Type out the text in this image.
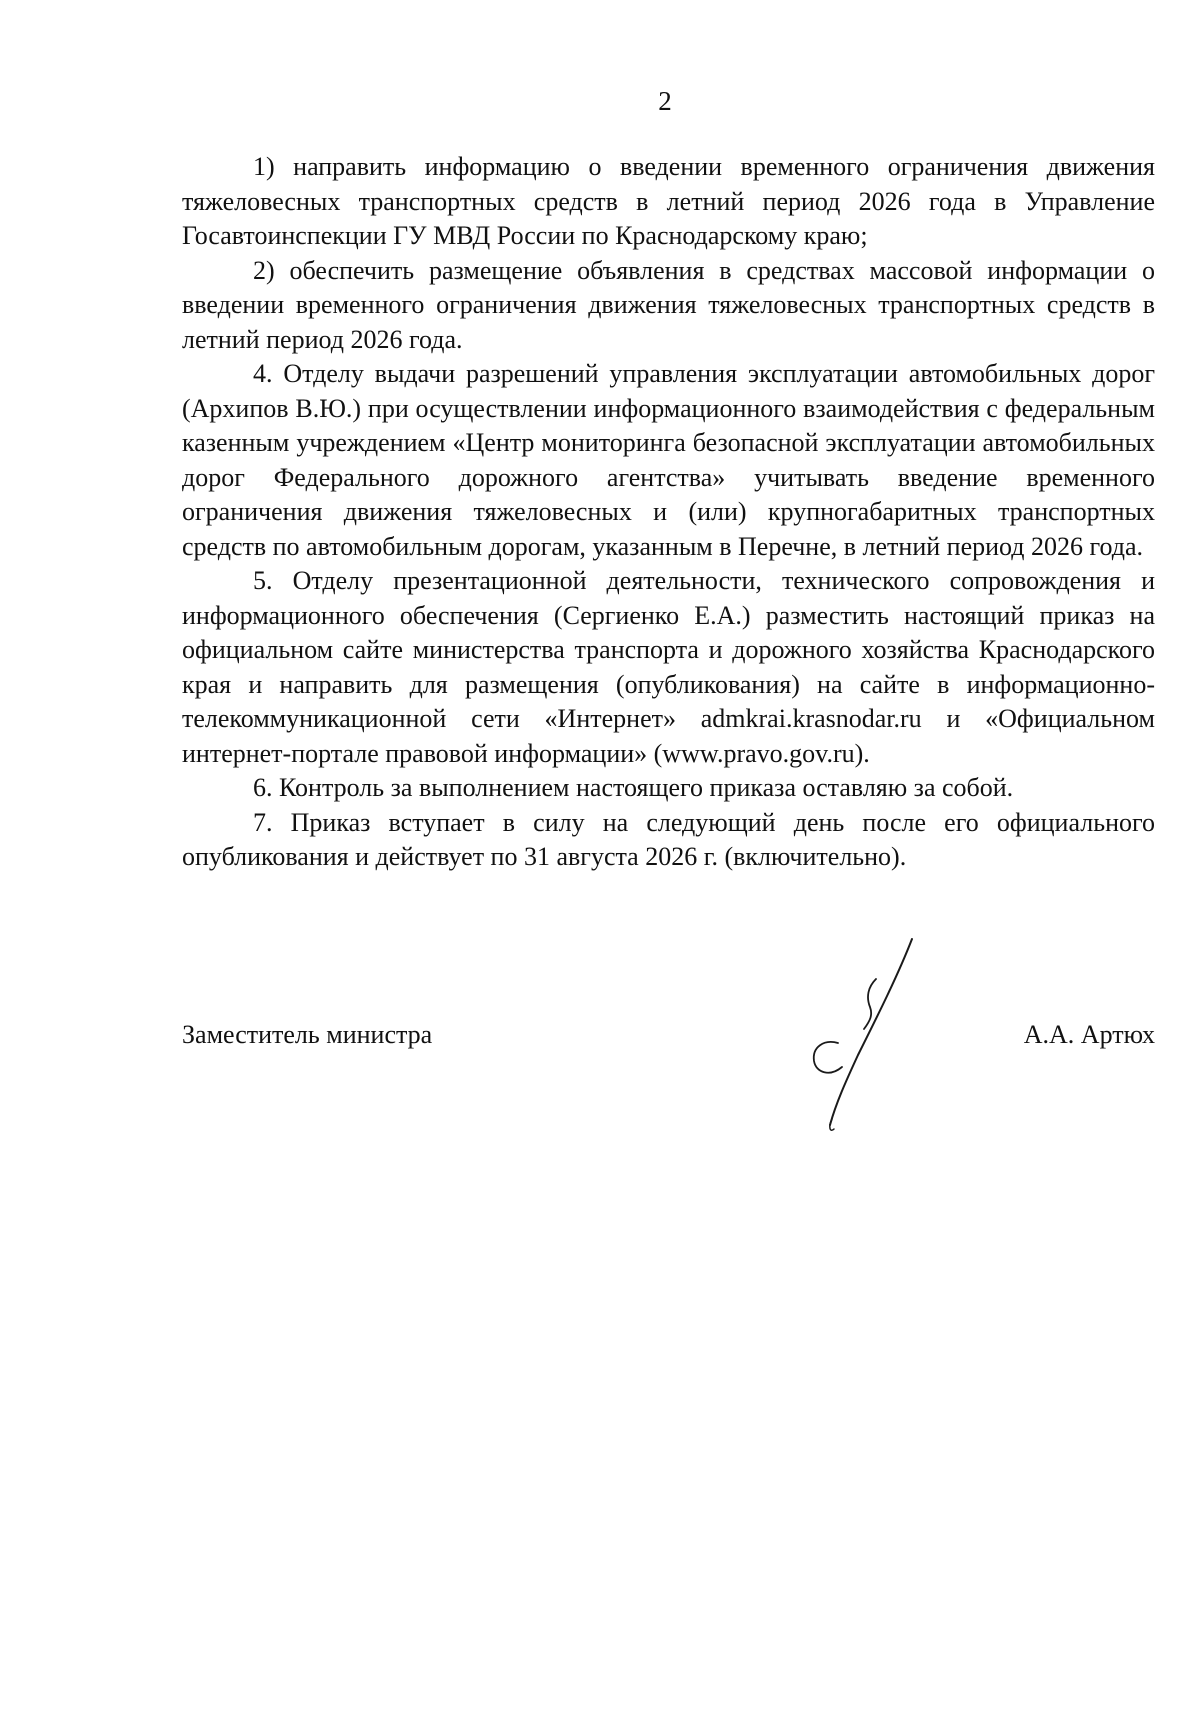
2

1) направить информацию о введении временного ограничения движения тяжеловесных транспортных средств в летний период 2026 года в Управление Госавтоинспекции ГУ МВД России по Краснодарскому краю;

2) обеспечить размещение объявления в средствах массовой информации о введении временного ограничения движения тяжеловесных транспортных средств в летний период 2026 года.

4. Отделу выдачи разрешений управления эксплуатации автомобильных дорог (Архипов В.Ю.) при осуществлении информационного взаимодействия с федеральным казенным учреждением «Центр мониторинга безопасной эксплуатации автомобильных дорог Федерального дорожного агентства» учитывать введение временного ограничения движения тяжеловесных и (или) крупногабаритных транспортных средств по автомобильным дорогам, указанным в Перечне, в летний период 2026 года.

5. Отделу презентационной деятельности, технического сопровождения и информационного обеспечения (Сергиенко Е.А.) разместить настоящий приказ на официальном сайте министерства транспорта и дорожного хозяйства Краснодарского края и направить для размещения (опубликования) на сайте в информационно-телекоммуникационной сети «Интернет» admkrai.krasnodar.ru и «Официальном интернет-портале правовой информации» (www.pravo.gov.ru).

6. Контроль за выполнением настоящего приказа оставляю за собой.

7. Приказ вступает в силу на следующий день после его официального опубликования и действует по 31 августа 2026 г. (включительно).

Заместитель министра	А.А. Артюх
